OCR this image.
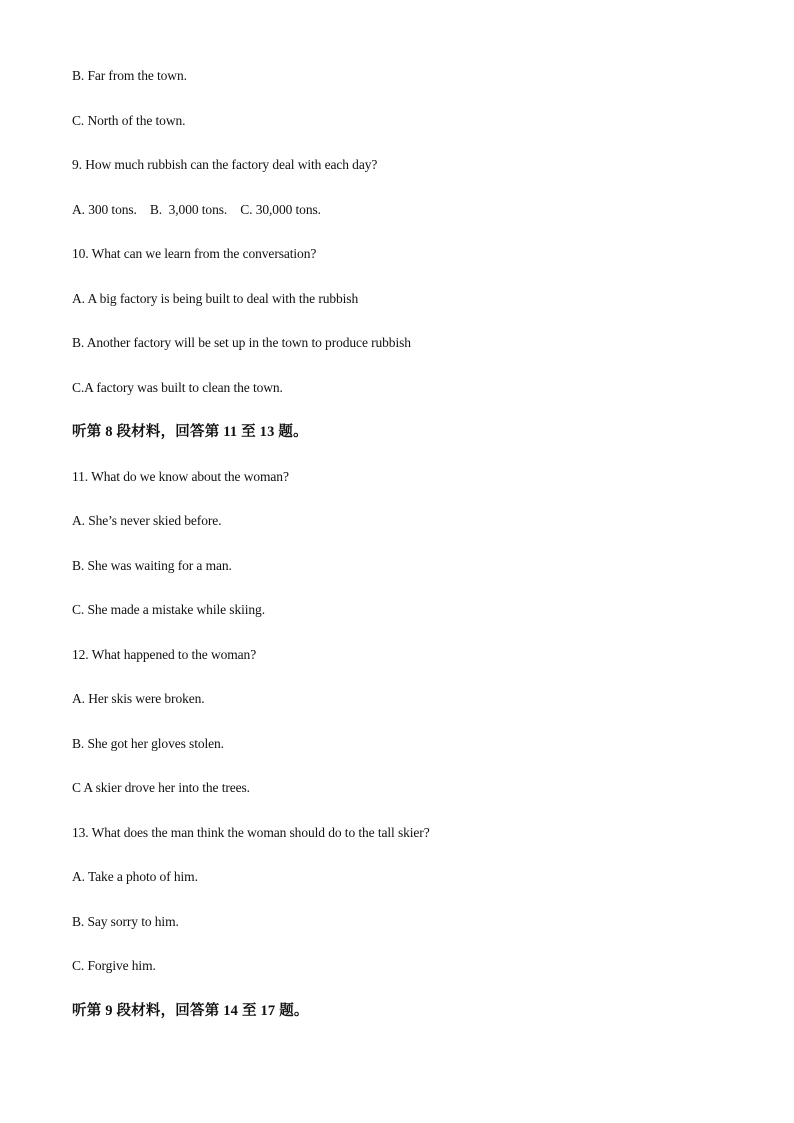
B. Far from the town.
C. North of the town.
9. How much rubbish can the factory deal with each day?
A. 300 tons.    B.  3,000 tons.    C. 30,000 tons.
10. What can we learn from the conversation?
A. A big factory is being built to deal with the rubbish
B. Another factory will be set up in the town to produce rubbish
C.A factory was built to clean the town.
听第 8 段材料，回答第 11 至 13 题。
11. What do we know about the woman?
A. She’s never skied before.
B. She was waiting for a man.
C. She made a mistake while skiing.
12. What happened to the woman?
A. Her skis were broken.
B. She got her gloves stolen.
C A skier drove her into the trees.
13. What does the man think the woman should do to the tall skier?
A. Take a photo of him.
B. Say sorry to him.
C. Forgive him.
听第 9 段材料，回答第 14 至 17 题。
